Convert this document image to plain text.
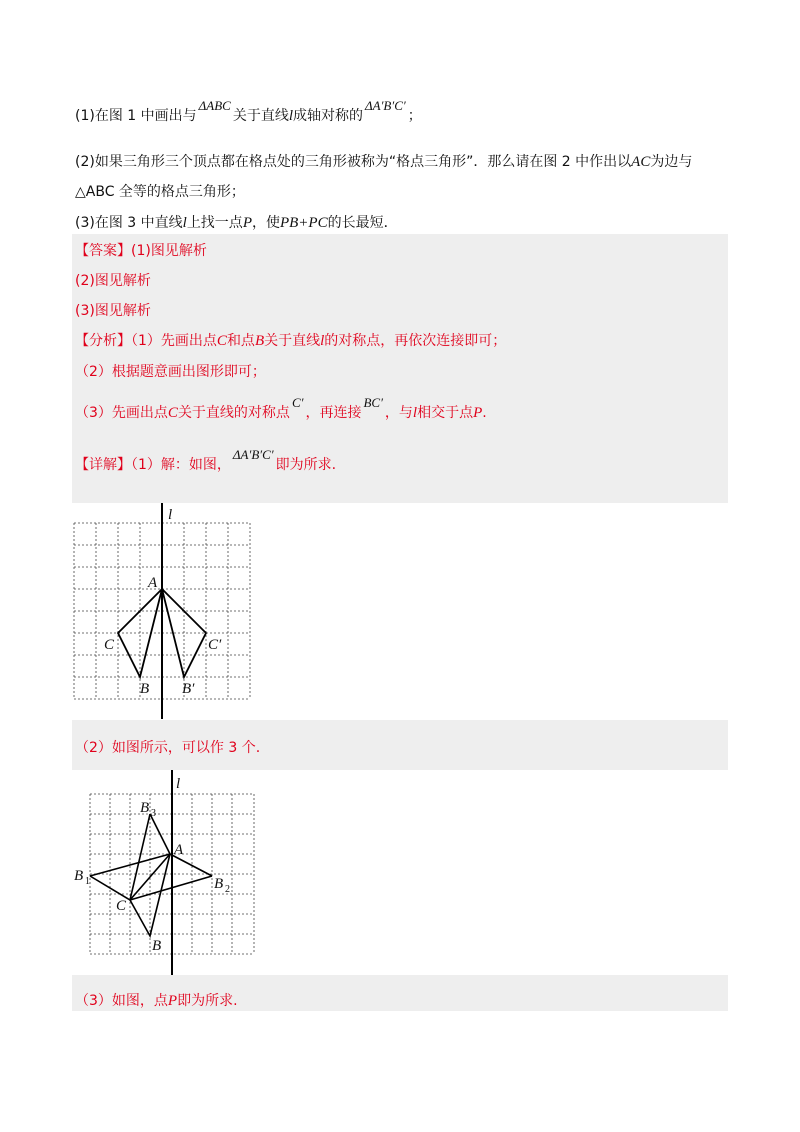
(1)在图 1 中画出与ΔABC关于直线l成轴对称的ΔA′B′C′；
(2)如果三角形三个顶点都在格点处的三角形被称为“格点三角形”．那么请在图 2 中作出以AC为边与
△ABC 全等的格点三角形；
(3)在图 3 中直线l上找一点P，使PB+PC的长最短．
【答案】(1)图见解析
(2)图见解析
(3)图见解析
【分析】（1）先画出点C和点B关于直线l的对称点，再依次连接即可；
（2）根据题意画出图形即可；
（3）先画出点C关于直线的对称点C′，再连接BC′，与l相交于点P.
【详解】（1）解：如图，ΔA′B′C′即为所求.
l
A
C	C′
B B′
（2）如图所示，可以作 3 个.
B 3
A
B 1	B 2
C
B
l
（3）如图，点P即为所求.
